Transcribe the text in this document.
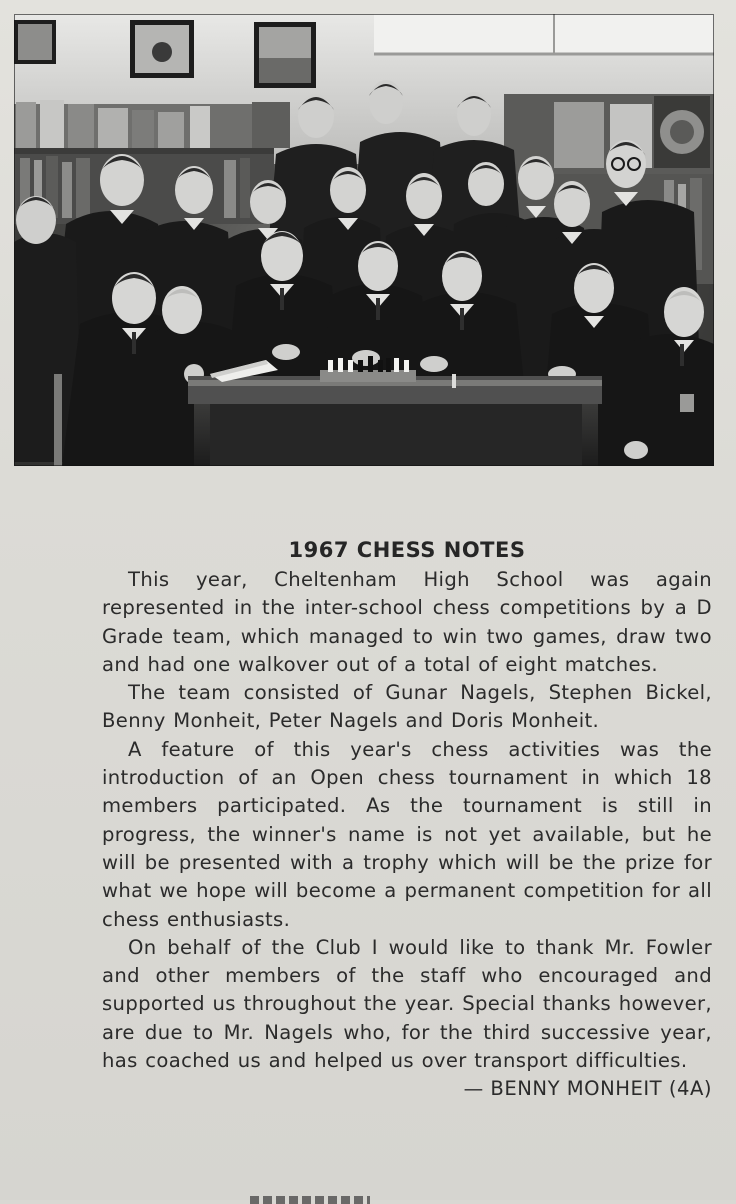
1967 CHESS NOTES

This year, Cheltenham High School was again represented in the inter-school chess competitions by a D Grade team, which managed to win two games, draw two and had one walkover out of a total of eight matches.

The team consisted of Gunar Nagels, Stephen Bickel, Benny Monheit, Peter Nagels and Doris Monheit.

A feature of this year's chess activities was the introduction of an Open chess tournament in which 18 members participated. As the tournament is still in progress, the winner's name is not yet available, but he will be presented with a trophy which will be the prize for what we hope will become a permanent competition for all chess enthusiasts.

On behalf of the Club I would like to thank Mr. Fowler and other members of the staff who encouraged and supported us throughout the year. Special thanks however, are due to Mr. Nagels who, for the third successive year, has coached us and helped us over transport difficulties.

— BENNY MONHEIT (4A)
